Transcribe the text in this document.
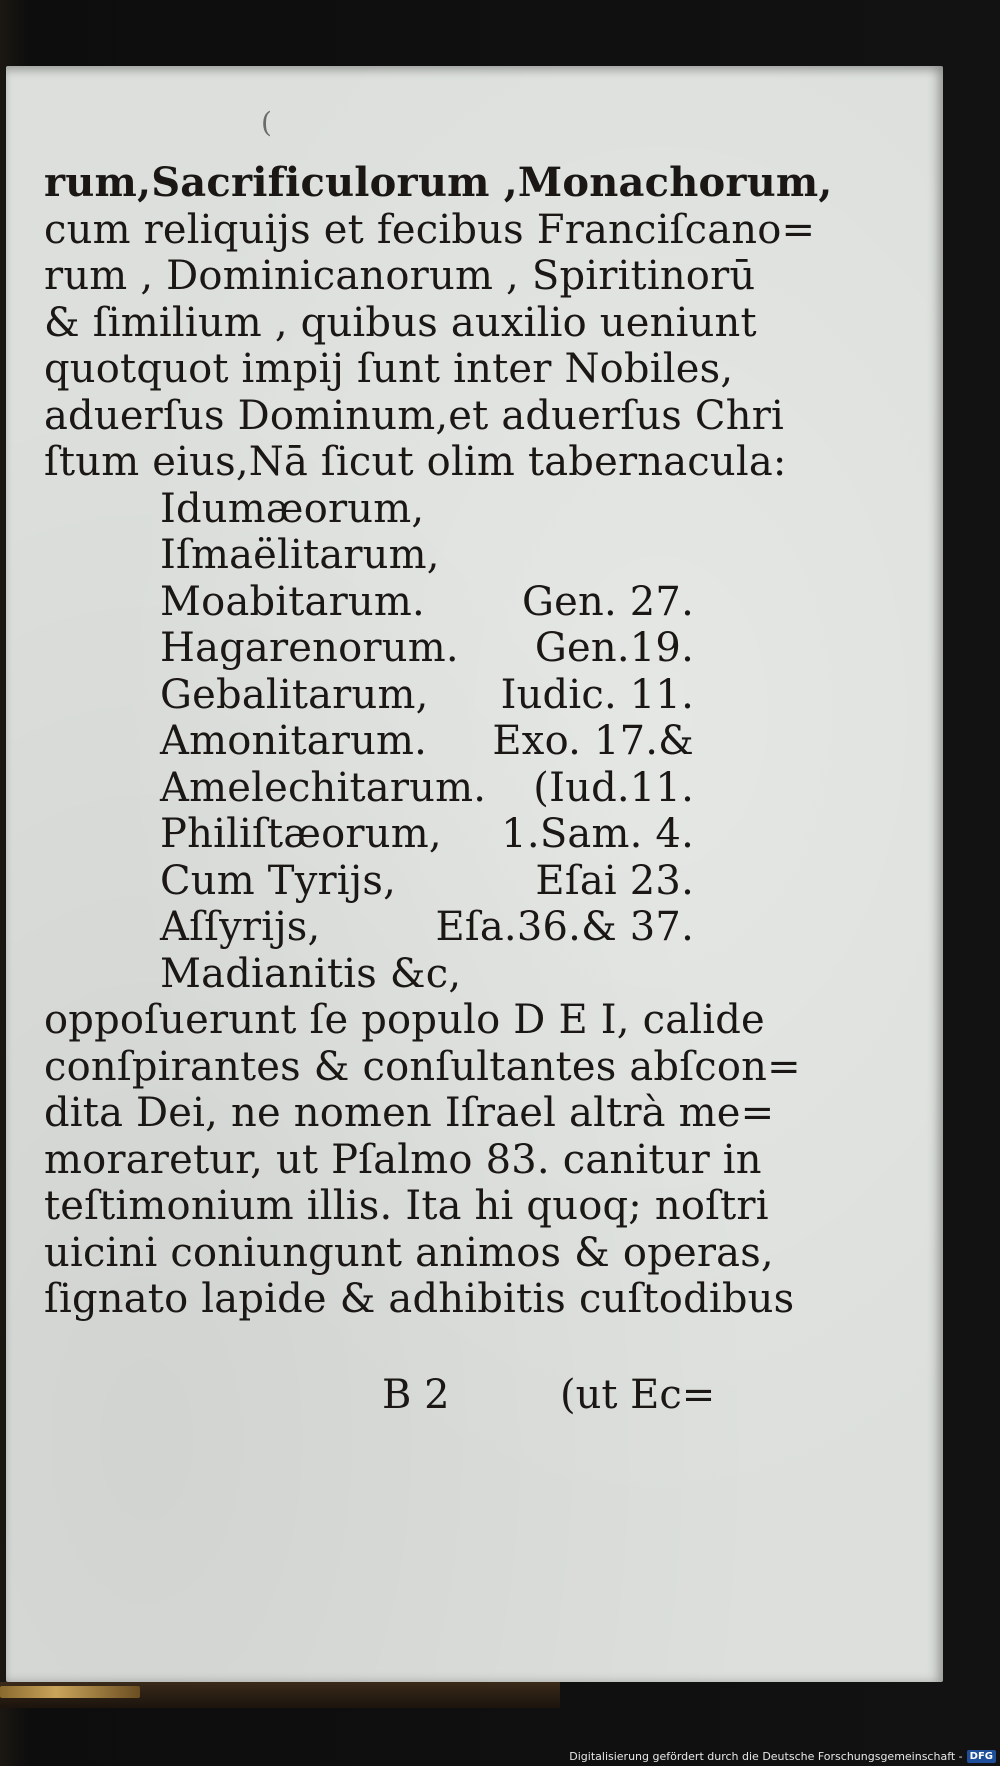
(
rum,Sacrificulorum ,Monachorum,
cum reliquijs et fecibus Franciſcano=
rum , Dominicanorum , Spiritinorū
& ſimilium , quibus auxilio ueniunt
quotquot impij ſunt inter Nobiles,
aduerſus Dominum,et aduerſus Chri
ſtum eius,Nā ſicut olim tabernacula:
Idumæorum,
Iſmaëlitarum,
Moabitarum. Gen. 27.
Hagarenorum. Gen.19.
Gebalitarum, Iudic. 11.
Amonitarum. Exo. 17.&
Amelechitarum. (Iud.11.
Philiſtæorum, 1.Sam. 4.
Cum Tyrijs,	Eſai 23.
Aſſyrijs,	Eſa.36.& 37.
Madianitis &c,
oppoſuerunt ſe populo D E I, calide
conſpirantes & conſultantes abſcon=
dita Dei, ne nomen Iſrael altrà me=
moraretur, ut Pſalmo 83. canitur in
teſtimonium illis. Ita hi quoq; noſtri
uicini coniungunt animos & operas,
ſignato lapide & adhibitis cuſtodibus
B 2	(ut Ec=
Digitalisierung gefördert durch die Deutsche Forschungsgemeinschaft - DFG
